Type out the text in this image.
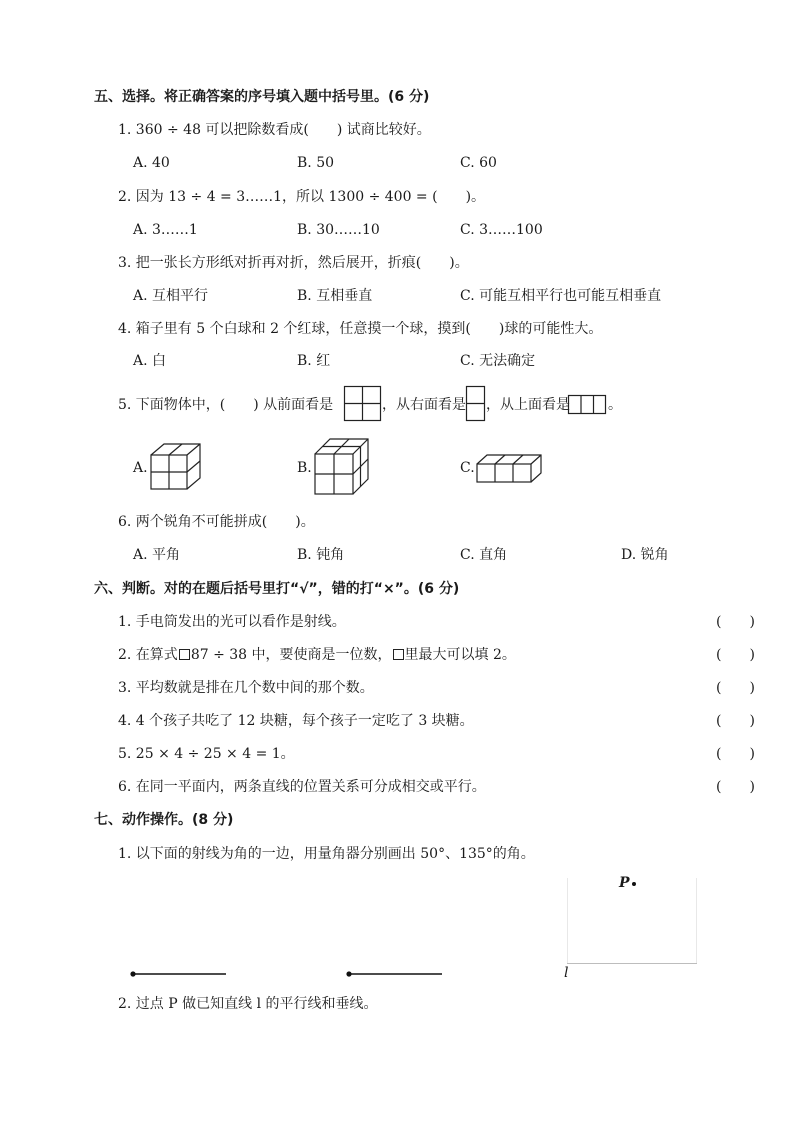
五、选择。将正确答案的序号填入题中括号里。(6 分)
1. 360 ÷ 48 可以把除数看成(　　) 试商比较好。
A. 40	B. 50	C. 60
2. 因为 13 ÷ 4 = 3……1，所以 1300 ÷ 400 = (　　)。
A. 3……1	B. 30……10	C. 3……100
3. 把一张长方形纸对折再对折，然后展开，折痕(　　)。
A. 互相平行	B. 互相垂直	C. 可能互相平行也可能互相垂直
4. 箱子里有 5 个白球和 2 个红球，任意摸一个球，摸到(　　)球的可能性大。
A. 白	B. 红	C. 无法确定
5. 下面物体中，(　　) 从前面看是	，从右面看是 ，从上面看是	。
A.	B.	C.
6. 两个锐角不可能拼成(　　)。
A. 平角	B. 钝角	C. 直角	D. 锐角
六、判断。对的在题后括号里打“√”，错的打“×”。(6 分)
1. 手电筒发出的光可以看作是射线。	(　　)
2. 在算式 87 ÷ 38 中，要使商是一位数， 里最大可以填 2。	(　　)
3. 平均数就是排在几个数中间的那个数。	(　　)
4. 4 个孩子共吃了 12 块糖，每个孩子一定吃了 3 块糖。	(　　)
5. 25 × 4 ÷ 25 × 4 = 1。	(　　)
6. 在同一平面内，两条直线的位置关系可分成相交或平行。	(　　)
七、动作操作。(8 分)
1. 以下面的射线为角的一边，用量角器分别画出 50°、135°的角。
P
l
2. 过点 P 做已知直线 l 的平行线和垂线。
